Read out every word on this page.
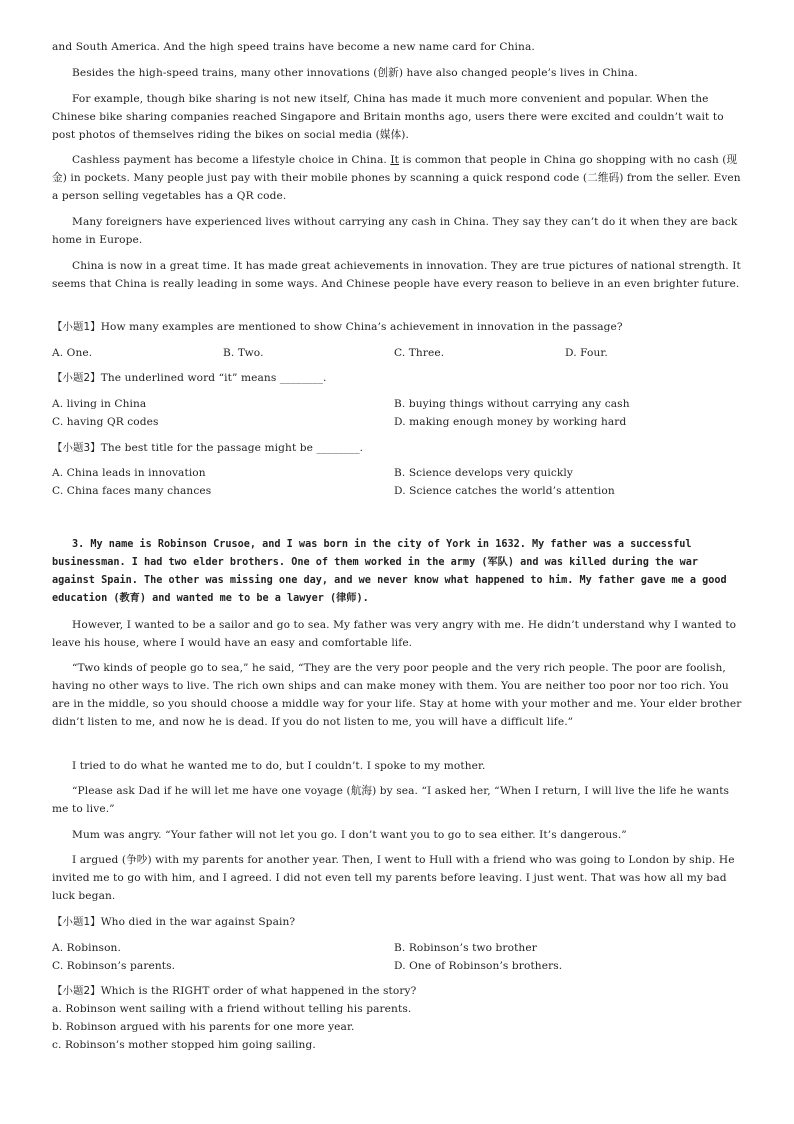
and South America. And the high speed trains have become a new name card for China.

Besides the high-speed trains, many other innovations (创新) have also changed people’s lives in China.

For example, though bike sharing is not new itself, China has made it much more convenient and popular. When the Chinese bike sharing companies reached Singapore and Britain months ago, users there were excited and couldn’t wait to post photos of themselves riding the bikes on social media (媒体).

Cashless payment has become a lifestyle choice in China. It is common that people in China go shopping with no cash (现金) in pockets. Many people just pay with their mobile phones by scanning a quick respond code (二维码) from the seller. Even a person selling vegetables has a QR code.

Many foreigners have experienced lives without carrying any cash in China. They say they can’t do it when they are back home in Europe.

China is now in a great time. It has made great achievements in innovation. They are true pictures of national strength. It seems that China is really leading in some ways. And Chinese people have every reason to believe in an even brighter future.

【小题1】How many examples are mentioned to show China’s achievement in innovation in the passage?

A. One.	B. Two.	C. Three.	D. Four.

【小题2】The underlined word “it” means ________.

A. living in China	B. buying things without carrying any cash
C. having QR codes	D. making enough money by working hard

【小题3】The best title for the passage might be ________.

A. China leads in innovation	B. Science develops very quickly
C. China faces many chances	D. Science catches the world’s attention

3. My name is Robinson Crusoe, and I was born in the city of York in 1632. My father was a successful businessman. I had two elder brothers. One of them worked in the army (军队) and was killed during the war against Spain. The other was missing one day, and we never know what happened to him. My father gave me a good education (教育) and wanted me to be a lawyer (律师).

However, I wanted to be a sailor and go to sea. My father was very angry with me. He didn’t understand why I wanted to leave his house, where I would have an easy and comfortable life.

“Two kinds of people go to sea,” he said, “They are the very poor people and the very rich people. The poor are foolish, having no other ways to live. The rich own ships and can make money with them. You are neither too poor nor too rich. You are in the middle, so you should choose a middle way for your life. Stay at home with your mother and me. Your elder brother didn’t listen to me, and now he is dead. If you do not listen to me, you will have a difficult life.”

I tried to do what he wanted me to do, but I couldn’t. I spoke to my mother.

“Please ask Dad if he will let me have one voyage (航海) by sea. “I asked her, “When I return, I will live the life he wants me to live.”

Mum was angry. “Your father will not let you go. I don’t want you to go to sea either. It’s dangerous.”

I argued (争吵) with my parents for another year. Then, I went to Hull with a friend who was going to London by ship. He invited me to go with him, and I agreed. I did not even tell my parents before leaving. I just went. That was how all my bad luck began.

【小题1】Who died in the war against Spain?

A. Robinson.	B. Robinson’s two brother
C. Robinson’s parents.	D. One of Robinson’s brothers.

【小题2】Which is the RIGHT order of what happened in the story?

a. Robinson went sailing with a friend without telling his parents.

b. Robinson argued with his parents for one more year.

c. Robinson’s mother stopped him going sailing.
